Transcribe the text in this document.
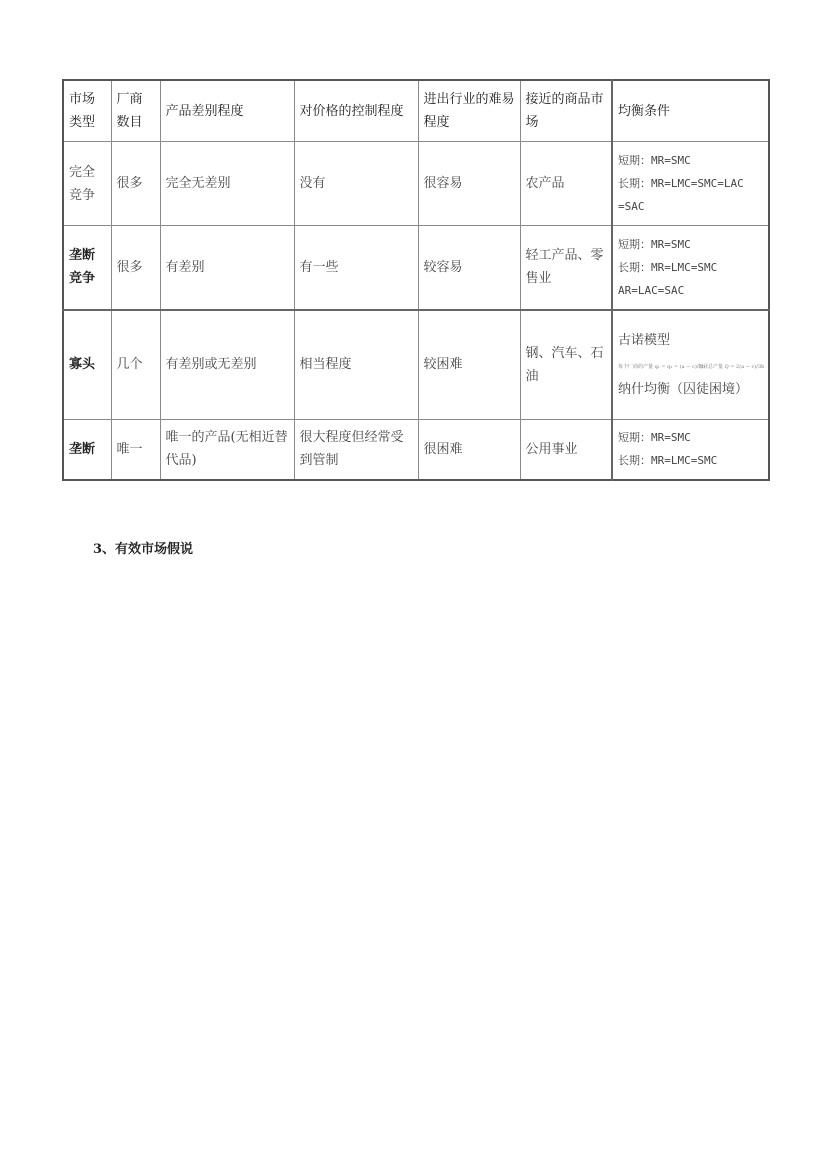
市场类型	厂商数目	产品差别程度	对价格的控制程度	进出行业的难易程度	接近的商品市场	均衡条件
完全竞争	很多	完全无差别	没有	很容易	农产品	短期：MR=SMC
长期：MR=LMC=SMC=LAC
=SAC

垄断竞争	很多	有差别	有一些	较容易	轻工产品、零售业	短期：MR=SMC
长期：MR=LMC=SMC
AR=LAC=SAC

寡头	几个	有差别或无差别	相当程度	较困难	钢、汽车、石油	古诺模型
每个厂商的产量 q₁ = q₂ = (a − c)/3b
行业总产量 Q = 2(a − c)/3b
纳什均衡（囚徒困境）

垄断	唯一	唯一的产品(无相近替代品)	很大程度但经常受到管制	很困难	公用事业	短期：MR=SMC
长期：MR=LMC=SMC
3、有效市场假说
